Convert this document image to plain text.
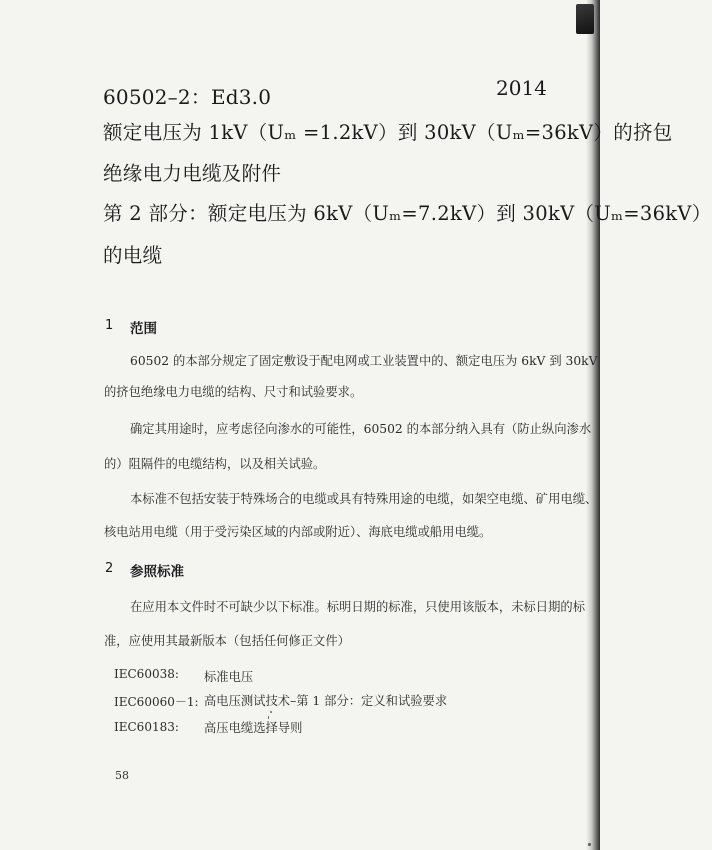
60502–2：Ed3.0	2014
额定电压为 1kV（Uₘ =1.2kV）到 30kV（Uₘ=36kV）的挤包
绝缘电力电缆及附件
第 2 部分：额定电压为 6kV（Uₘ=7.2kV）到 30kV（Uₘ=36kV）
的电缆
1 范围
60502 的本部分规定了固定敷设于配电网或工业装置中的、额定电压为 6kV 到 30kV
的挤包绝缘电力电缆的结构、尺寸和试验要求。
确定其用途时，应考虑径向渗水的可能性，60502 的本部分纳入具有（防止纵向渗水
的）阻隔件的电缆结构，以及相关试验。
本标准不包括安装于特殊场合的电缆或具有特殊用途的电缆，如架空电缆、矿用电缆、
核电站用电缆（用于受污染区域的内部或附近）、海底电缆或船用电缆。
2 参照标准
在应用本文件时不可缺少以下标准。标明日期的标准，只使用该版本，未标日期的标
准，应使用其最新版本（包括任何修正文件）
IEC60038: 标准电压
IEC60060－1: 高电压测试技术–第 1 部分：定义和试验要求
IEC60183: 高压电缆选择导则
58
